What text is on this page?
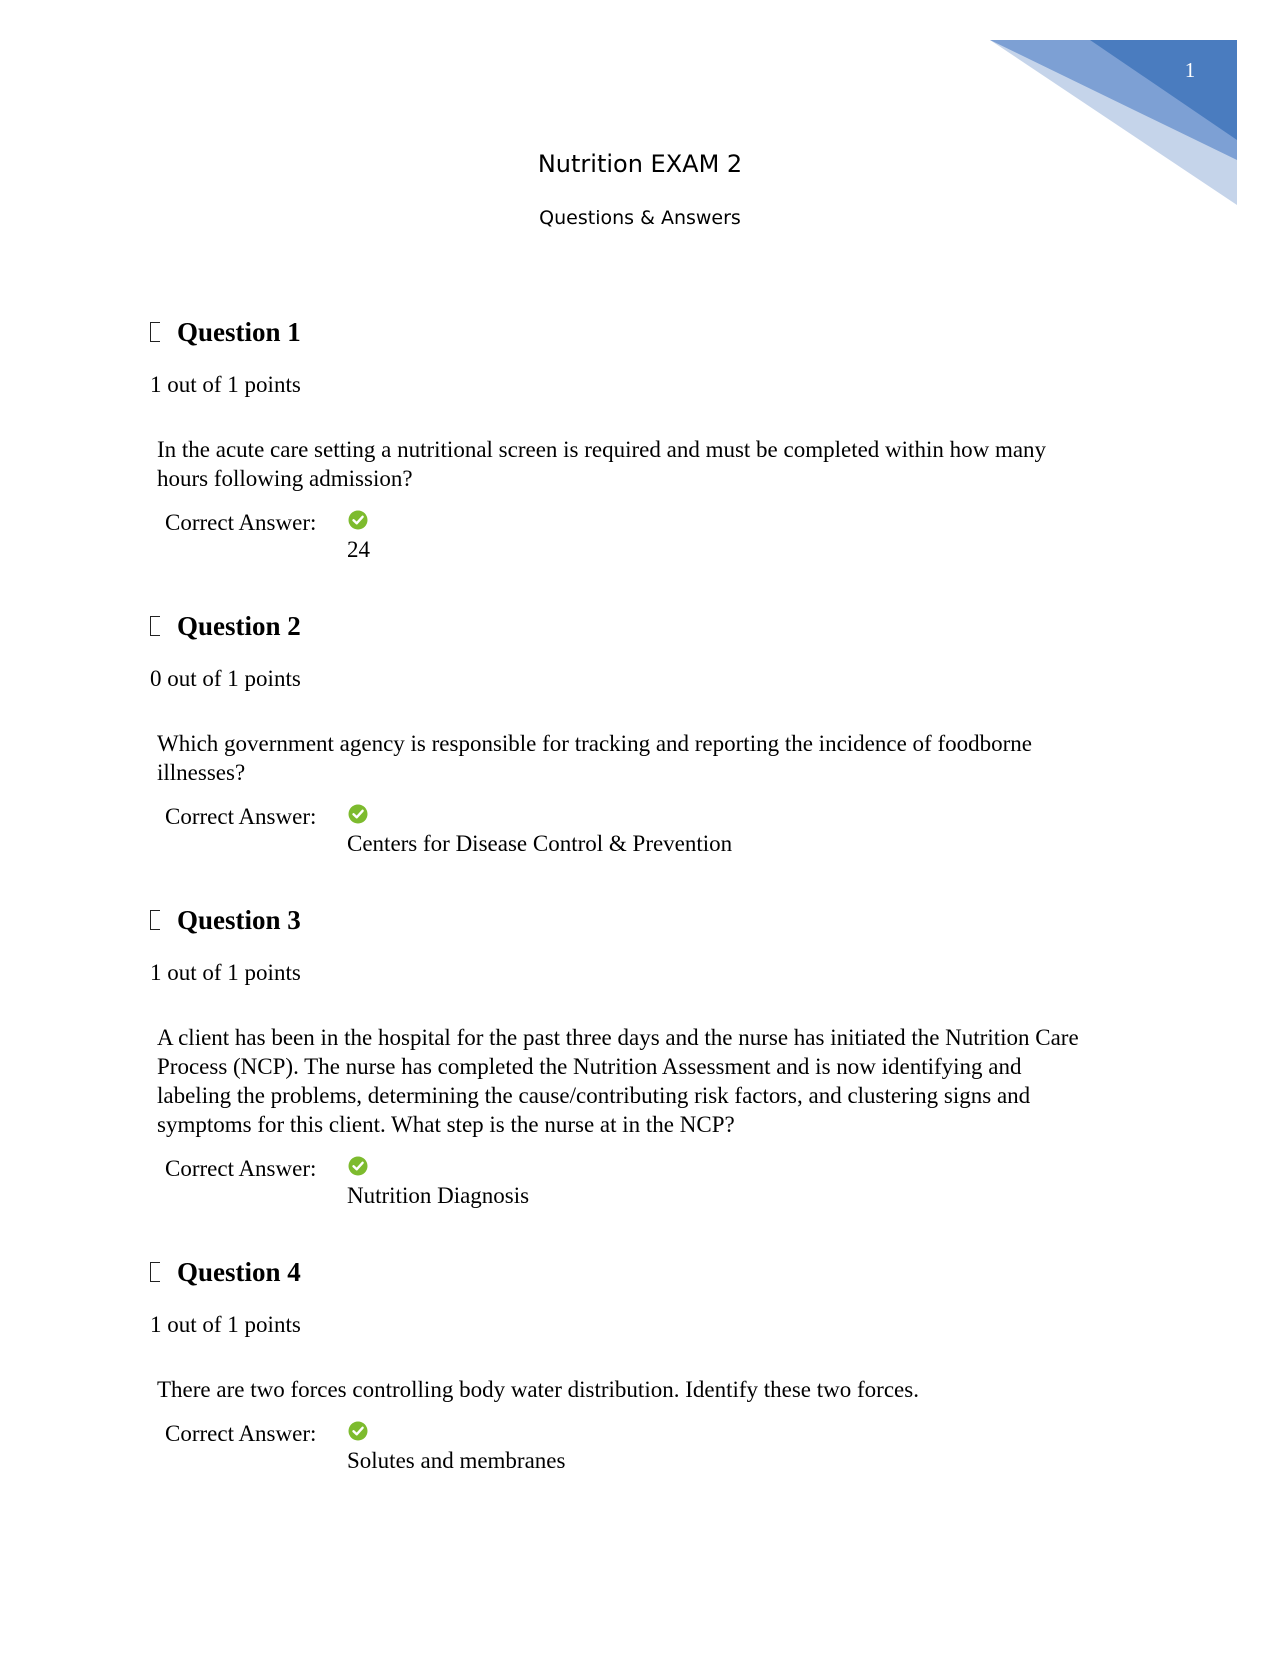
1
Nutrition EXAM 2
Questions & Answers
Question 1
1 out of 1 points
In the acute care setting a nutritional screen is required and must be completed within how many hours following admission?
Correct Answer:
24
Question 2
0 out of 1 points
Which government agency is responsible for tracking and reporting the incidence of foodborne illnesses?
Correct Answer:
Centers for Disease Control & Prevention
Question 3
1 out of 1 points
A client has been in the hospital for the past three days and the nurse has initiated the Nutrition Care Process (NCP). The nurse has completed the Nutrition Assessment and is now identifying and labeling the problems, determining the cause/contributing risk factors, and clustering signs and symptoms for this client. What step is the nurse at in the NCP?
Correct Answer:
Nutrition Diagnosis
Question 4
1 out of 1 points
There are two forces controlling body water distribution. Identify these two forces.
Correct Answer:
Solutes and membranes
